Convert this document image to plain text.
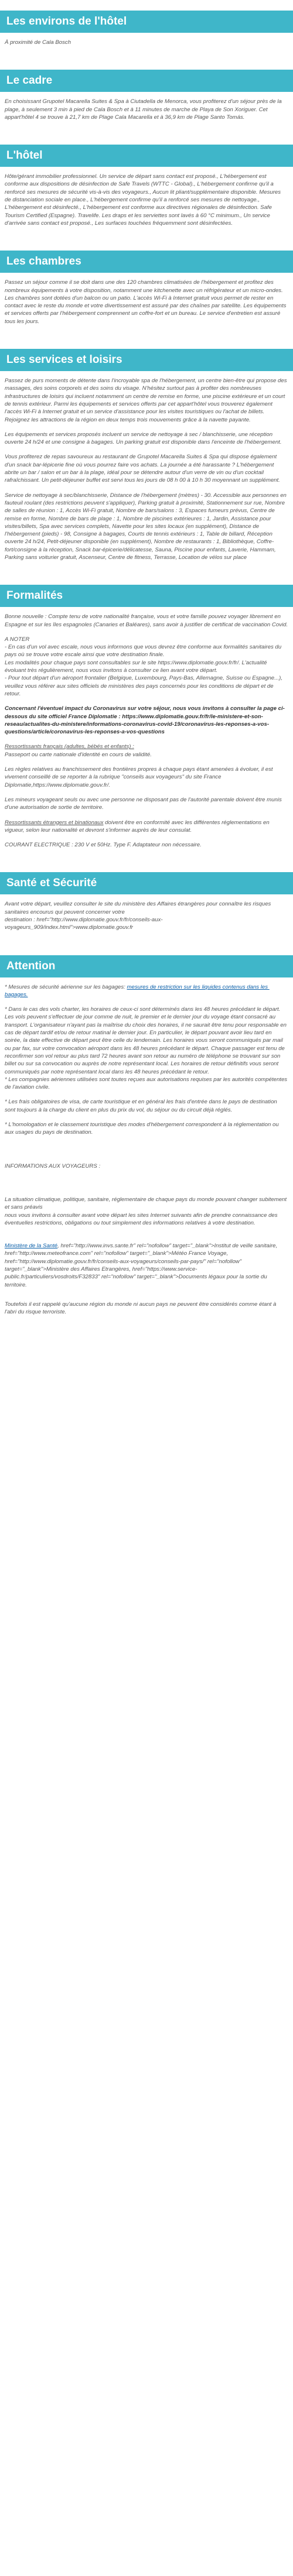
Les environs de l'hôtel

À proximité de Cala Bosch

Le cadre

En choisissant Grupotel Macarella Suites & Spa à Ciutadella de Menorca, vous profiterez d'un séjour près de la plage, à seulement 3 min à pied de Cala Bosch et à 11 minutes de marche de Playa de Son Xoriguer. Cet appart'hôtel 4 se trouve à 21,7 km de Plage Cala Macarella et à 36,9 km de Plage Santo Tomás.

L'hôtel

Hôte/gérant immobilier professionnel. Un service de départ sans contact est proposé., L'hébergement est conforme aux dispositions de désinfection de Safe Travels (WTTC - Global)., L'hébergement confirme qu'il a renforcé ses mesures de sécurité vis-à-vis des voyageurs., Aucun lit pliant/supplémentaire disponible. Mesures de distanciation sociale en place., L'hébergement confirme qu'il a renforcé ses mesures de nettoyage., L'hébergement est désinfecté., L'hébergement est conforme aux directives régionales de désinfection. Safe Tourism Certified (Espagne). Travelife. Les draps et les serviettes sont lavés à 60 °C minimum., Un service d'arrivée sans contact est proposé., Les surfaces touchées fréquemment sont désinfectées.

Les chambres

Passez un séjour comme il se doit dans une des 120 chambres climatisées de l'hébergement et profitez des nombreux équipements à votre disposition, notamment une kitchenette avec un réfrigérateur et un micro-ondes. Les chambres sont dotées d'un balcon ou un patio. L'accès Wi-Fi à Internet gratuit vous permet de rester en contact avec le reste du monde et votre divertissement est assuré par des chaînes par satellite. Les équipements et services offerts par l'hébergement comprennent un coffre-fort et un bureau. Le service d'entretien est assuré tous les jours.

Les services et loisirs

Passez de purs moments de détente dans l'incroyable spa de l'hébergement, un centre bien-être qui propose des massages, des soins corporels et des soins du visage. N'hésitez surtout pas à profiter des nombreuses infrastructures de loisirs qui incluent notamment un centre de remise en forme, une piscine extérieure et un court de tennis extérieur. Parmi les équipements et services offerts par cet appart'hôtel vous trouverez également l'accès Wi-Fi à Internet gratuit et un service d'assistance pour les visites touristiques ou l'achat de billets. Rejoignez les attractions de la région en deux temps trois mouvements grâce à la navette payante.

Les équipements et services proposés incluent un service de nettoyage à sec / blanchisserie, une réception ouverte 24 h/24 et une consigne à bagages. Un parking gratuit est disponible dans l'enceinte de l'hébergement.

Vous profiterez de repas savoureux au restaurant de Grupotel Macarella Suites & Spa qui dispose également d'un snack bar-lépicerie fine où vous pourrez faire vos achats. La journée a été harassante ? L'hébergement abrite un bar / salon et un bar à la plage, idéal pour se détendre autour d'un verre de vin ou d'un cocktail rafraîchissant. Un petit-déjeuner buffet est servi tous les jours de 08 h 00 à 10 h 30 moyennant un supplément.

Service de nettoyage à sec/blanchisserie, Distance de l'hébergement (mètres) - 30. Accessible aux personnes en fauteuil roulant (des restrictions peuvent s'appliquer), Parking gratuit à proximité, Stationnement sur rue, Nombre de salles de réunion : 1, Accès Wi-Fi gratuit, Nombre de bars/salons : 3, Espaces fumeurs prévus, Centre de remise en forme, Nombre de bars de plage : 1, Nombre de piscines extérieures : 1, Jardin, Assistance pour visites/billets, Spa avec services complets, Navette pour les sites locaux (en supplément), Distance de l'hébergement (pieds) - 98, Consigne à bagages, Courts de tennis extérieurs : 1, Table de billard, Réception ouverte 24 h/24, Petit-déjeuner disponible (en supplément), Nombre de restaurants : 1, Bibliothèque, Coffre-fort/consigne à la réception, Snack bar-épicerie/délicatesse, Sauna, Piscine pour enfants, Laverie, Hammam, Parking sans voiturier gratuit, Ascenseur, Centre de fitness, Terrasse, Location de vélos sur place

Formalités

Bonne nouvelle : Compte tenu de votre nationalité française, vous et votre famille pouvez voyager librement en Espagne et sur les îles espagnoles (Canaries et Baléares), sans avoir à justifier de certificat de vaccination Covid.

A NOTER
- En cas d'un vol avec escale, nous vous informons que vous devrez être conforme aux formalités sanitaires du pays où se trouve votre escale ainsi que votre destination finale.
Les modalités pour chaque pays sont consultables sur le site https://www.diplomatie.gouv.fr/fr/. L'actualité évoluant très régulièrement, nous vous invitons à consulter ce lien avant votre départ.
- Pour tout départ d'un aéroport frontalier (Belgique, Luxembourg, Pays-Bas, Allemagne, Suisse ou Espagne...), veuillez vous référer aux sites officiels de ministères des pays concernés pour les conditions de départ et de retour.

Concernant l'éventuel impact du Coronavirus sur votre séjour, nous vous invitons à consulter la page ci-dessous du site officiel France Diplomatie : https://www.diplomatie.gouv.fr/fr/le-ministere-et-son-reseau/actualites-du-ministere/informations-coronavirus-covid-19/coronavirus-les-reponses-a-vos-questions/article/coronavirus-les-reponses-a-vos-questions

Ressortissants français (adultes, bébés et enfants) :
Passeport ou carte nationale d'identité en cours de validité.

Les règles relatives au franchissement des frontières propres à chaque pays étant amenées à évoluer, il est vivement conseillé de se reporter à la rubrique "conseils aux voyageurs" du site France Diplomatie,https://www.diplomatie.gouv.fr/.

Les mineurs voyageant seuls ou avec une personne ne disposant pas de l'autorité parentale doivent être munis d'une autorisation de sortie de territoire.

Ressortissants étrangers et binationaux doivent être en conformité avec les différentes réglementations en vigueur, selon leur nationalité et devront s'informer auprès de leur consulat.

COURANT ELECTRIQUE : 230 V et 50Hz. Type F. Adaptateur non nécessaire.

Santé et Sécurité

Avant votre départ, veuillez consulter le site du ministère des Affaires étrangères pour connaître les risques sanitaires encourus qui peuvent concerner votre
destination : href="http://www.diplomatie.gouv.fr/fr/conseils-aux-voyageurs_909/index.html">www.diplomatie.gouv.fr

Attention

* Mesures de sécurité aérienne sur les bagages: mesures de restriction sur les liquides contenus dans les bagages.

* Dans le cas des vols charter, les horaires de ceux-ci sont déterminés dans les 48 heures précédant le départ. Les vols peuvent s'effectuer de jour comme de nuit, le premier et le dernier jour du voyage étant consacré au transport. L'organisateur n'ayant pas la maîtrise du choix des horaires, il ne saurait être tenu pour responsable en cas de départ tardif et/ou de retour matinal le dernier jour. En particulier, le départ pouvant avoir lieu tard en soirée, la date effective de départ peut être celle du lendemain. Les horaires vous seront communiqués par mail ou par fax, sur votre convocation aéroport dans les 48 heures précédant le départ. Chaque passager est tenu de reconfirmer son vol retour au plus tard 72 heures avant son retour au numéro de téléphone se trouvant sur son billet ou sur sa convocation ou auprès de notre représentant local. Les horaires de retour définitifs vous seront communiqués par notre représentant local dans les 48 heures précédant le retour.
* Les compagnies aériennes utilisées sont toutes reçues aux autorisations requises par les autorités compétentes de l'aviation civile.

* Les frais obligatoires de visa, de carte touristique et en général les frais d'entrée dans le pays de destination sont toujours à la charge du client en plus du prix du vol, du séjour ou du circuit déjà réglés.

* L'homologation et le classement touristique des modes d'hébergement correspondent à la réglementation ou aux usages du pays de destination.

INFORMATIONS AUX VOYAGEURS :

La situation climatique, politique, sanitaire, réglementaire de chaque pays du monde pouvant changer subitement et sans préavis
nous vous invitons à consulter avant votre départ les sites Internet suivants afin de prendre connaissance des éventuelles restrictions, obligations ou tout simplement des informations relatives à votre destination.

Ministère de la Santé, href="http://www.invs.sante.fr" rel="nofollow" target="_blank">Institut de veille sanitaire, href="http://www.meteofrance.com" rel="nofollow" target="_blank">Météo France Voyage, href="http://www.diplomatie.gouv.fr/fr/conseils-aux-voyageurs/conseils-par-pays/" rel="nofollow" target="_blank">Ministère des Affaires Etrangères, href="https://www.service-public.fr/particuliers/vosdroits/F32833" rel="nofollow" target="_blank">Documents légaux pour la sortie du territoire.

Toutefois il est rappelé qu'aucune région du monde ni aucun pays ne peuvent être considérés comme étant à l'abri du risque terroriste.
